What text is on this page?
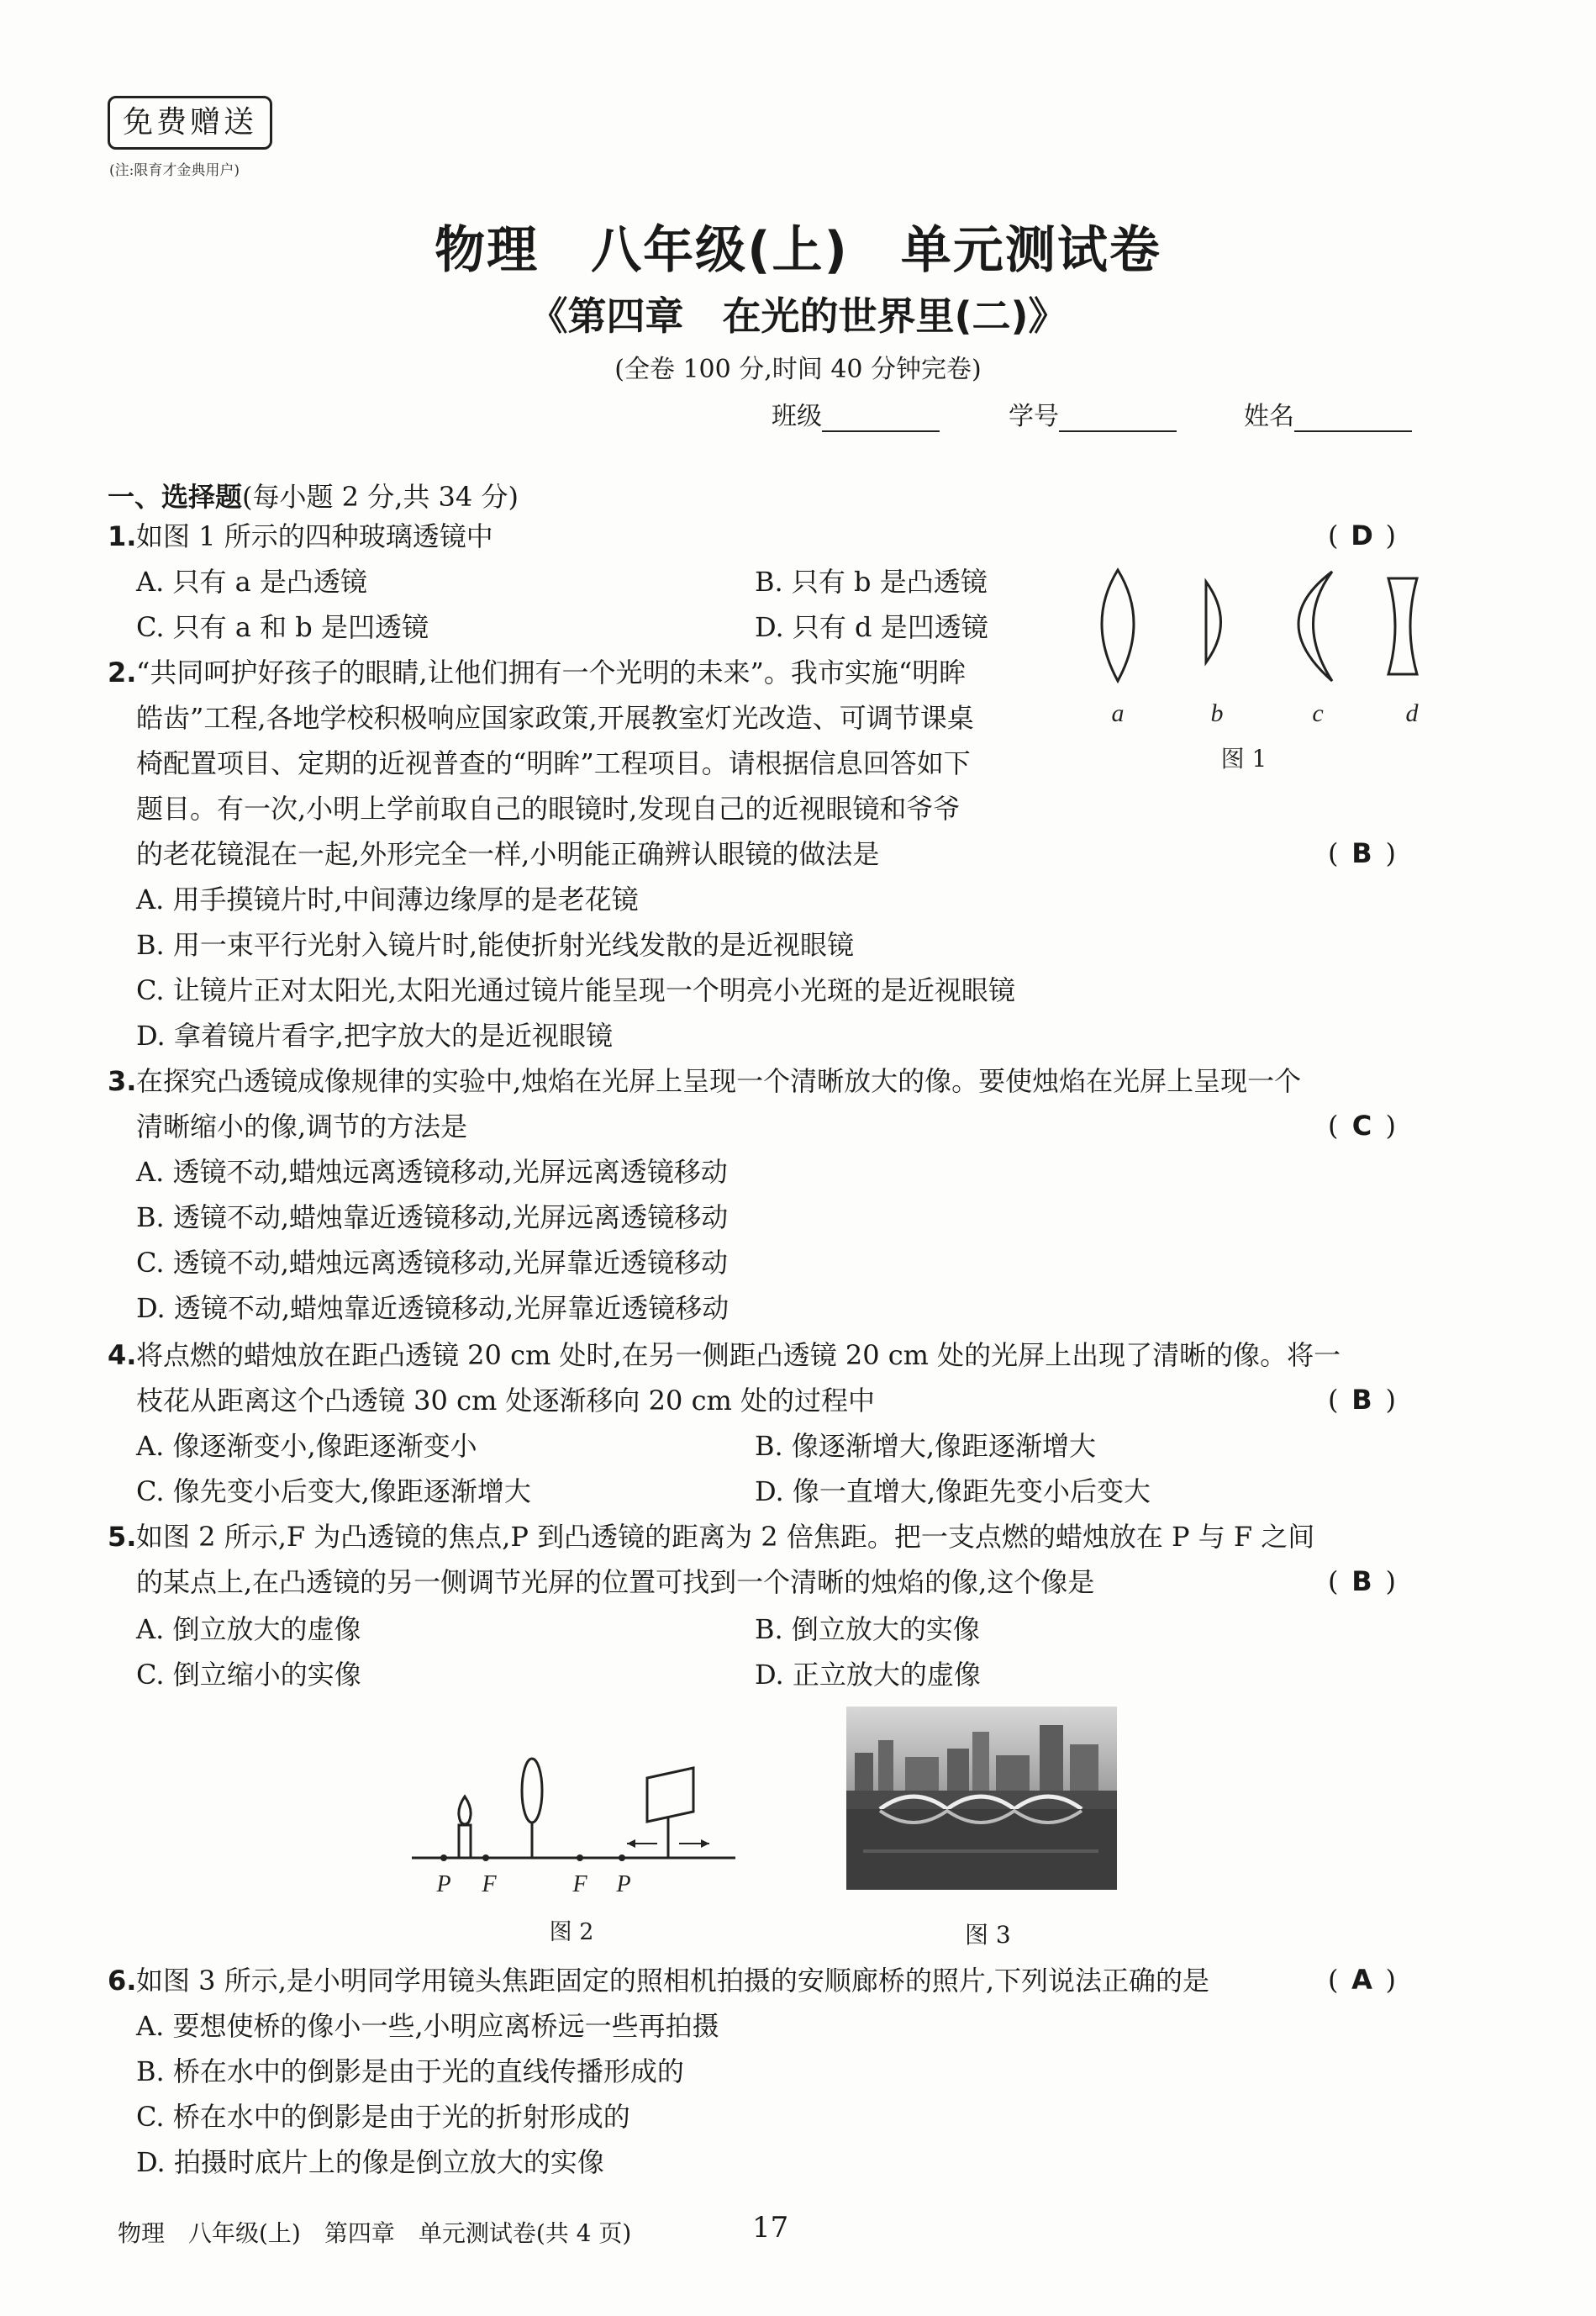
免费赠送
(注:限育才金典用户)
物理　八年级(上)　单元测试卷
《第四章　在光的世界里(二)》
(全卷 100 分,时间 40 分钟完卷)
班级	学号	姓名
一、选择题(每小题 2 分,共 34 分)
1. 如图 1 所示的四种玻璃透镜中	( D )
A. 只有 a 是凸透镜	B. 只有 b 是凸透镜
C. 只有 a 和 b 是凹透镜	D. 只有 d 是凹透镜
a	b	c	d
图 1
2. “共同呵护好孩子的眼睛,让他们拥有一个光明的未来”。我市实施“明眸
皓齿”工程,各地学校积极响应国家政策,开展教室灯光改造、可调节课桌
椅配置项目、定期的近视普查的“明眸”工程项目。请根据信息回答如下
题目。有一次,小明上学前取自己的眼镜时,发现自己的近视眼镜和爷爷
的老花镜混在一起,外形完全一样,小明能正确辨认眼镜的做法是	( B )
A. 用手摸镜片时,中间薄边缘厚的是老花镜
B. 用一束平行光射入镜片时,能使折射光线发散的是近视眼镜
C. 让镜片正对太阳光,太阳光通过镜片能呈现一个明亮小光斑的是近视眼镜
D. 拿着镜片看字,把字放大的是近视眼镜
3. 在探究凸透镜成像规律的实验中,烛焰在光屏上呈现一个清晰放大的像。要使烛焰在光屏上呈现一个
清晰缩小的像,调节的方法是	( C )
A. 透镜不动,蜡烛远离透镜移动,光屏远离透镜移动
B. 透镜不动,蜡烛靠近透镜移动,光屏远离透镜移动
C. 透镜不动,蜡烛远离透镜移动,光屏靠近透镜移动
D. 透镜不动,蜡烛靠近透镜移动,光屏靠近透镜移动
4. 将点燃的蜡烛放在距凸透镜 20 cm 处时,在另一侧距凸透镜 20 cm 处的光屏上出现了清晰的像。将一
枝花从距离这个凸透镜 30 cm 处逐渐移向 20 cm 处的过程中	( B )
A. 像逐渐变小,像距逐渐变小	B. 像逐渐增大,像距逐渐增大
C. 像先变小后变大,像距逐渐增大	D. 像一直增大,像距先变小后变大
5. 如图 2 所示,F 为凸透镜的焦点,P 到凸透镜的距离为 2 倍焦距。把一支点燃的蜡烛放在 P 与 F 之间
的某点上,在凸透镜的另一侧调节光屏的位置可找到一个清晰的烛焰的像,这个像是	( B )
A. 倒立放大的虚像	B. 倒立放大的实像
C. 倒立缩小的实像	D. 正立放大的虚像
P F	F P
图 2	图 3
6. 如图 3 所示,是小明同学用镜头焦距固定的照相机拍摄的安顺廊桥的照片,下列说法正确的是	( A )
A. 要想使桥的像小一些,小明应离桥远一些再拍摄
B. 桥在水中的倒影是由于光的直线传播形成的
C. 桥在水中的倒影是由于光的折射形成的
D. 拍摄时底片上的像是倒立放大的实像
物理　八年级(上)　第四章　单元测试卷(共 4 页)	17
